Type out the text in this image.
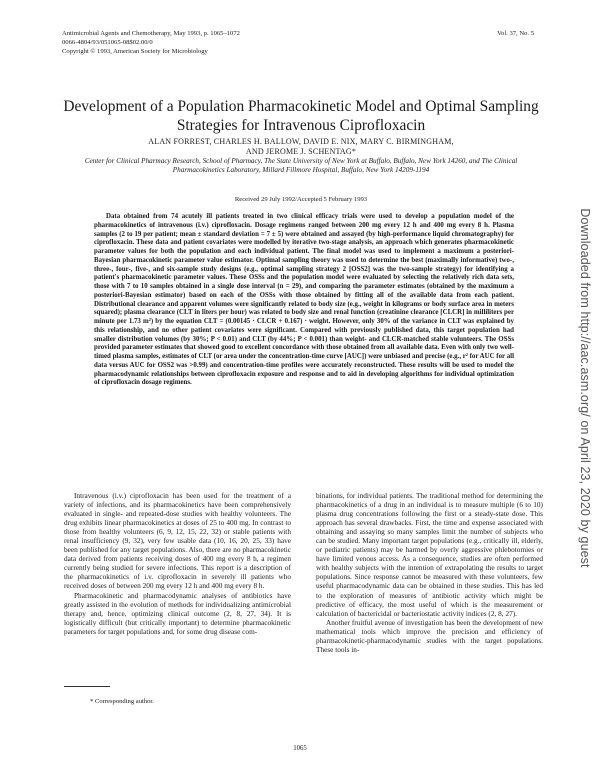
Antimicrobial Agents and Chemotherapy, May 1993, p. 1065–1072
0066-4804/93/051065-08$02.00/0
Copyright © 1993, American Society for Microbiology
Vol. 37, No. 5
Development of a Population Pharmacokinetic Model and Optimal Sampling Strategies for Intravenous Ciprofloxacin
ALAN FORREST, CHARLES H. BALLOW, DAVID E. NIX, MARY C. BIRMINGHAM,
AND JEROME J. SCHENTAG*
Center for Clinical Pharmacy Research, School of Pharmacy, The State University of New York at Buffalo, Buffalo, New York 14260, and The Clinical Pharmacokinetics Laboratory, Millard Fillmore Hospital, Buffalo, New York 14209-1194
Received 29 July 1992/Accepted 5 February 1993

Data obtained from 74 acutely ill patients treated in two clinical efficacy trials were used to develop a population model of the pharmacokinetics of intravenous (i.v.) ciprofloxacin. Dosage regimens ranged between 200 mg every 12 h and 400 mg every 8 h. Plasma samples (2 to 19 per patient; mean ± standard deviation = 7 ± 5) were obtained and assayed (by high-performance liquid chromatography) for ciprofloxacin. These data and patient covariates were modelled by iterative two-stage analysis, an approach which generates pharmacokinetic parameter values for both the population and each individual patient. The final model was used to implement a maximum a posteriori-Bayesian pharmacokinetic parameter value estimator. Optimal sampling theory was used to determine the best (maximally informative) two-, three-, four-, five-, and six-sample study designs (e.g., optimal sampling strategy 2 [OSS2] was the two-sample strategy) for identifying a patient's pharmacokinetic parameter values. These OSSs and the population model were evaluated by selecting the relatively rich data sets, those with 7 to 10 samples obtained in a single dose interval (n = 29), and comparing the parameter estimates (obtained by the maximum a posteriori-Bayesian estimator) based on each of the OSSs with those obtained by fitting all of the available data from each patient. Distributional clearance and apparent volumes were significantly related to body size (e.g., weight in kilograms or body surface area in meters squared); plasma clearance (CLT in liters per hour) was related to body size and renal function (creatinine clearance [CLCR] in milliliters per minute per 1.73 m²) by the equation CLT = (0.00145 · CLCR + 0.167) · weight. However, only 30% of the variance in CLT was explained by this relationship, and no other patient covariates were significant. Compared with previously published data, this target population had smaller distribution volumes (by 30%; P < 0.01) and CLT (by 44%; P < 0.001) than weight- and CLCR-matched stable volunteers. The OSSs provided parameter estimates that showed good to excellent concordance with those obtained from all available data. Even with only two well-timed plasma samples, estimates of CLT (or area under the concentration-time curve [AUC]) were unbiased and precise (e.g., r² for AUC for all data versus AUC for OSS2 was >0.99) and concentration-time profiles were accurately reconstructed. These results will be used to model the pharmacodynamic relationships between ciprofloxacin exposure and response and to aid in developing algorithms for individual optimization of ciprofloxacin dosage regimens.

Intravenous (i.v.) ciprofloxacin has been used for the treatment of a variety of infections, and its pharmacokinetics have been comprehensively evaluated in single- and repeated-dose studies with healthy volunteers. The drug exhibits linear pharmacokinetics at doses of 25 to 400 mg. In contrast to those from healthy volunteers (6, 9, 12, 15, 22, 32) or stable patients with renal insufficiency (9, 32), very few usable data (10, 16, 20, 25, 33) have been published for any target populations. Also, there are no pharmacokinetic data derived from patients receiving doses of 400 mg every 8 h, a regimen currently being studied for severe infections. This report is a description of the pharmacokinetics of i.v. ciprofloxacin in severely ill patients who received doses of between 200 mg every 12 h and 400 mg every 8 h.

Pharmacokinetic and pharmacodynamic analyses of antibiotics have greatly assisted in the evolution of methods for individualizing antimicrobial therapy and, hence, optimizing clinical outcome (2, 8, 27, 34). It is logistically difficult (but critically important) to determine pharmacokinetic parameters for target populations and, for some drug disease com-

binations, for individual patients. The traditional method for determining the pharmacokinetics of a drug in an individual is to measure multiple (6 to 10) plasma drug concentrations following the first or a steady-state dose. This approach has several drawbacks. First, the time and expense associated with obtaining and assaying so many samples limit the number of subjects who can be studied. Many important target populations (e.g., critically ill, elderly, or pediatric patients) may be harmed by overly aggressive phlebotomies or have limited venous access. As a consequence, studies are often performed with healthy subjects with the intention of extrapolating the results to target populations. Since response cannot be measured with these volunteers, few useful pharmacodynamic data can be obtained in these studies. This has led to the exploration of measures of antibiotic activity which might be predictive of efficacy, the most useful of which is the measurement or calculation of bactericidal or bacteriostatic activity indices (2, 8, 27).

Another fruitful avenue of investigation has been the development of new mathematical tools which improve the precision and efficiency of pharmacokinetic-pharmacodynamic studies with the target populations. These tools in-

* Corresponding author.
1065
Downloaded from http://aac.asm.org/ on April 23, 2020 by guest
